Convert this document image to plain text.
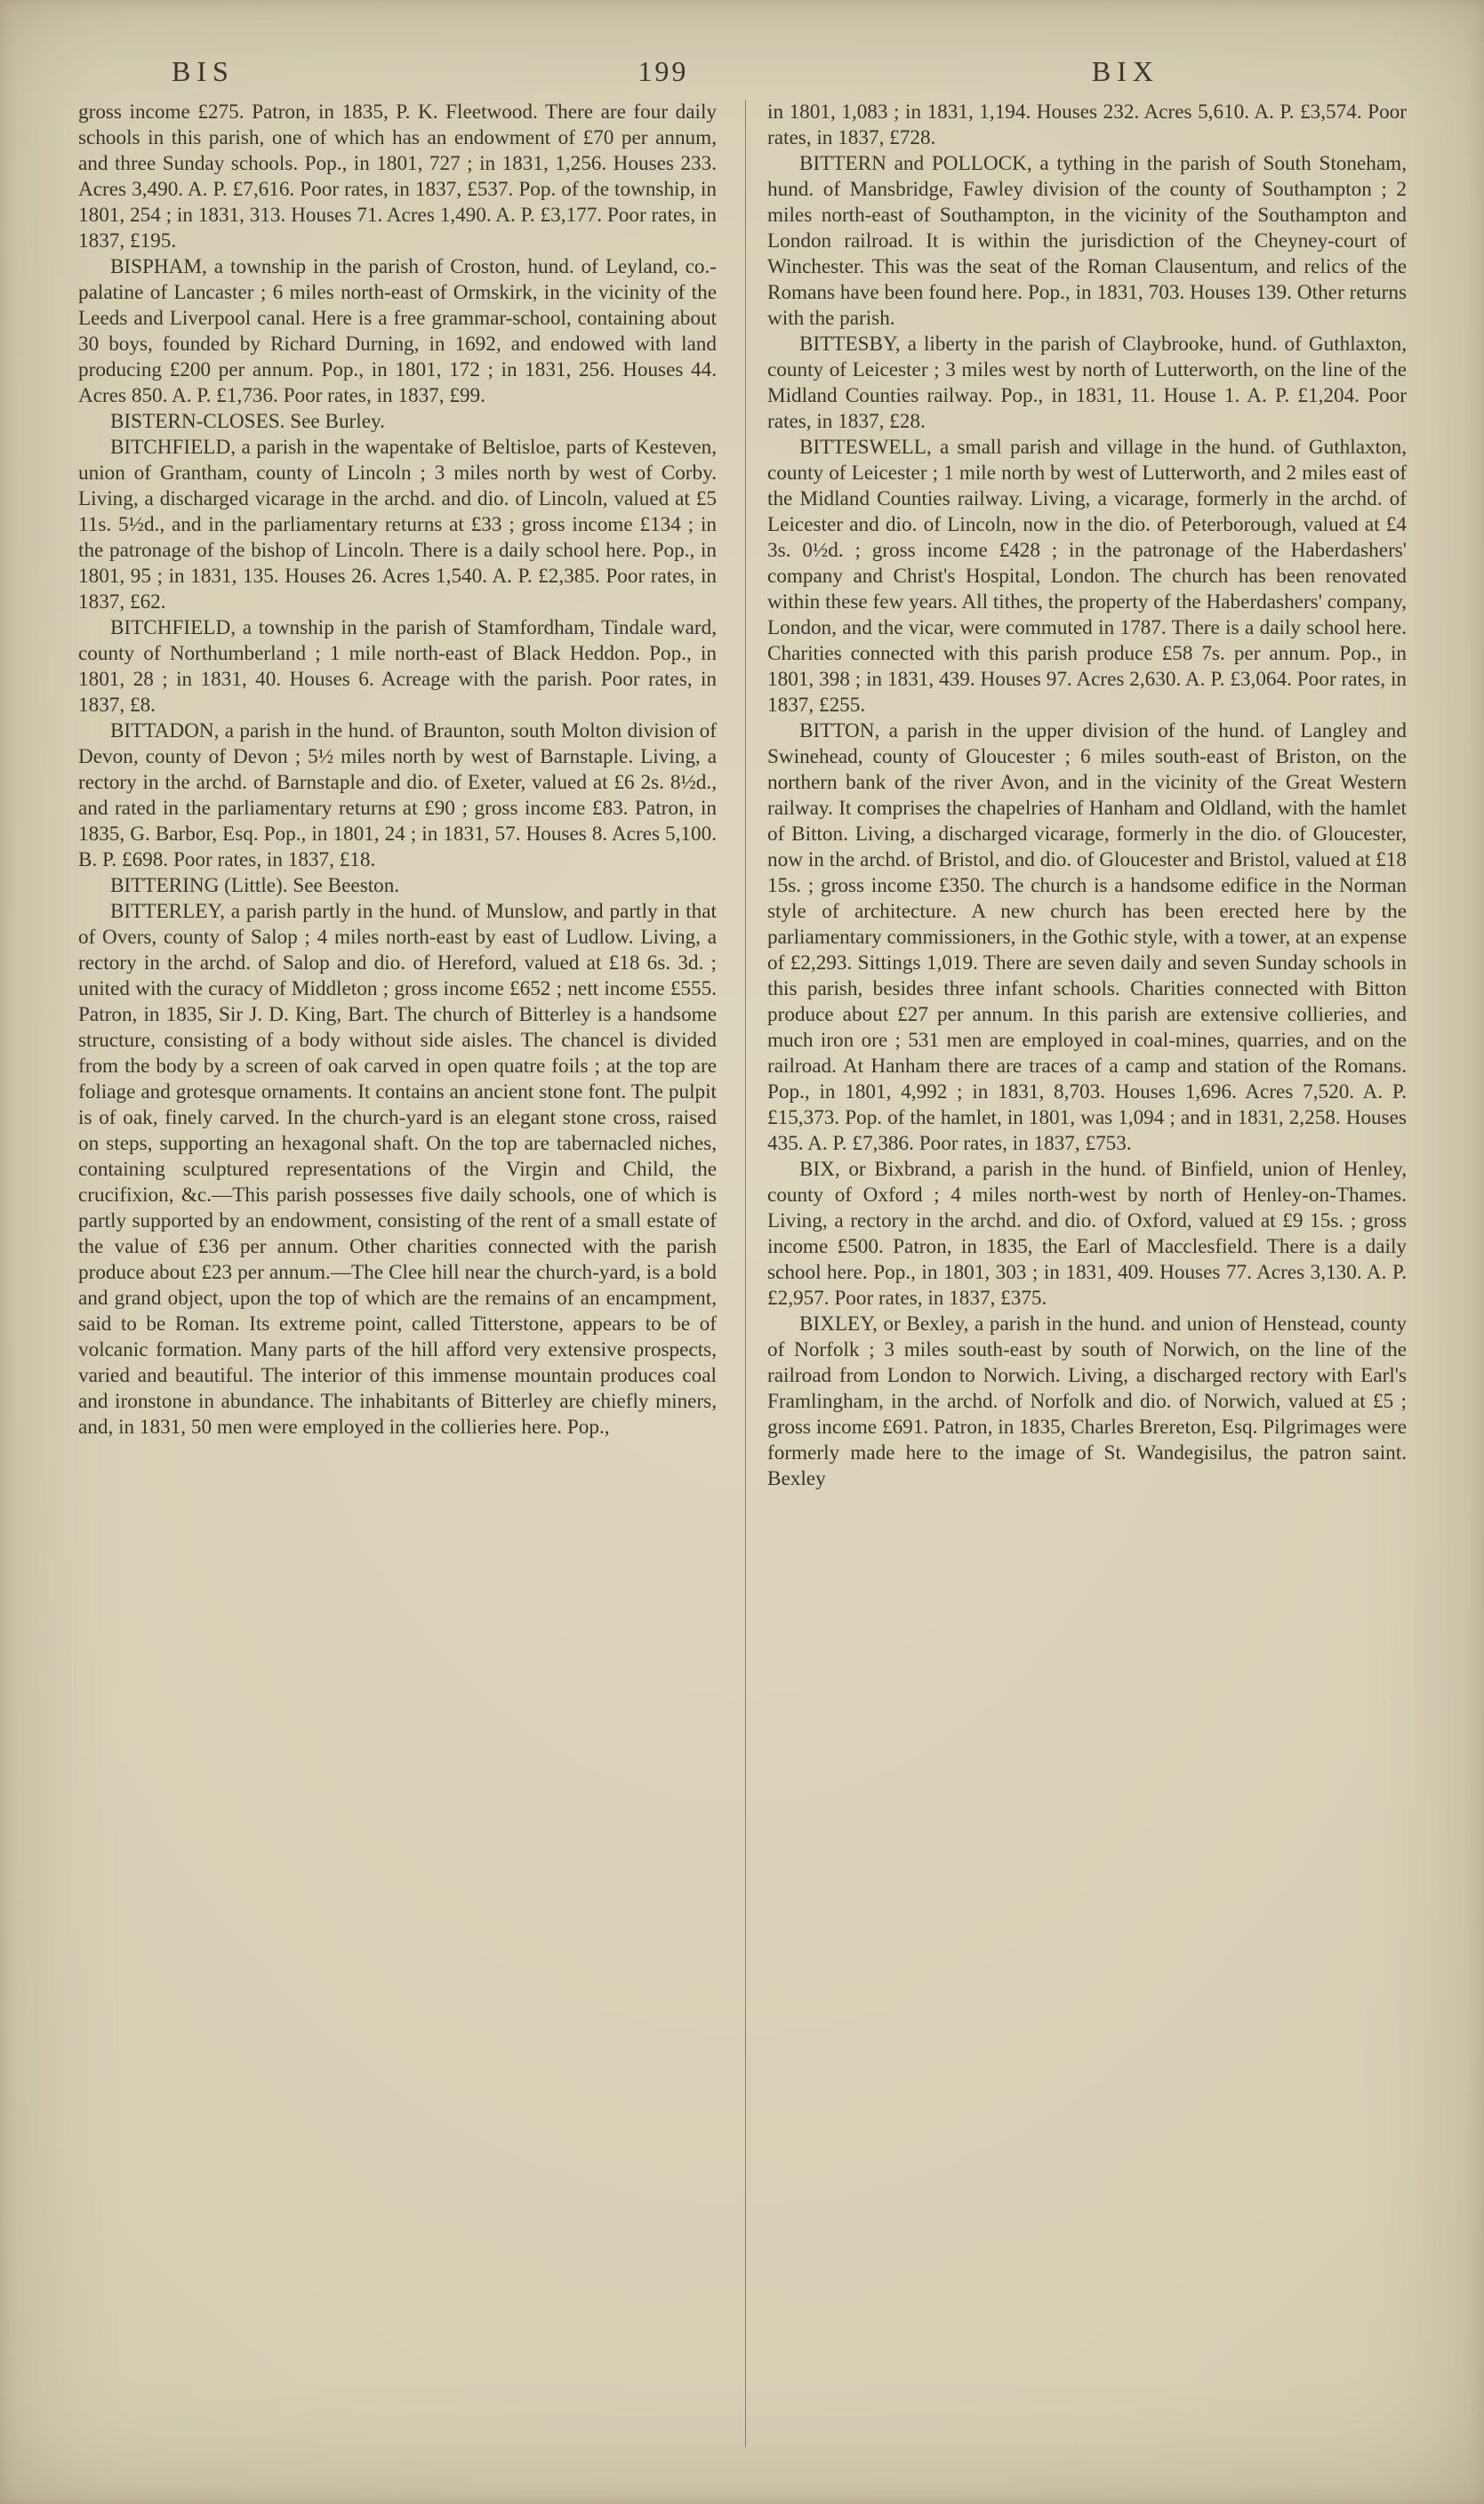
BIS	199	BIX

gross income £275. Patron, in 1835, P. K. Fleetwood. There are four daily schools in this parish, one of which has an endowment of £70 per annum, and three Sunday schools. Pop., in 1801, 727 ; in 1831, 1,256. Houses 233. Acres 3,490. A. P. £7,616. Poor rates, in 1837, £537. Pop. of the township, in 1801, 254 ; in 1831, 313. Houses 71. Acres 1,490. A. P. £3,177. Poor rates, in 1837, £195.

BISPHAM, a township in the parish of Croston, hund. of Leyland, co.-palatine of Lancaster ; 6 miles north-east of Ormskirk, in the vicinity of the Leeds and Liverpool canal. Here is a free grammar-school, containing about 30 boys, founded by Richard Durning, in 1692, and endowed with land producing £200 per annum. Pop., in 1801, 172 ; in 1831, 256. Houses 44. Acres 850. A. P. £1,736. Poor rates, in 1837, £99.

BISTERN-CLOSES. See Burley.

BITCHFIELD, a parish in the wapentake of Beltisloe, parts of Kesteven, union of Grantham, county of Lincoln ; 3 miles north by west of Corby. Living, a discharged vicarage in the archd. and dio. of Lincoln, valued at £5 11s. 5½d., and in the parliamentary returns at £33 ; gross income £134 ; in the patronage of the bishop of Lincoln. There is a daily school here. Pop., in 1801, 95 ; in 1831, 135. Houses 26. Acres 1,540. A. P. £2,385. Poor rates, in 1837, £62.

BITCHFIELD, a township in the parish of Stamfordham, Tindale ward, county of Northumberland ; 1 mile north-east of Black Heddon. Pop., in 1801, 28 ; in 1831, 40. Houses 6. Acreage with the parish. Poor rates, in 1837, £8.

BITTADON, a parish in the hund. of Braunton, south Molton division of Devon, county of Devon ; 5½ miles north by west of Barnstaple. Living, a rectory in the archd. of Barnstaple and dio. of Exeter, valued at £6 2s. 8½d., and rated in the parliamentary returns at £90 ; gross income £83. Patron, in 1835, G. Barbor, Esq. Pop., in 1801, 24 ; in 1831, 57. Houses 8. Acres 5,100. B. P. £698. Poor rates, in 1837, £18.

BITTERING (Little). See Beeston.

BITTERLEY, a parish partly in the hund. of Munslow, and partly in that of Overs, county of Salop ; 4 miles north-east by east of Ludlow. Living, a rectory in the archd. of Salop and dio. of Hereford, valued at £18 6s. 3d. ; united with the curacy of Middleton ; gross income £652 ; nett income £555. Patron, in 1835, Sir J. D. King, Bart. The church of Bitterley is a handsome structure, consisting of a body without side aisles. The chancel is divided from the body by a screen of oak carved in open quatre foils ; at the top are foliage and grotesque ornaments. It contains an ancient stone font. The pulpit is of oak, finely carved. In the church-yard is an elegant stone cross, raised on steps, supporting an hexagonal shaft. On the top are tabernacled niches, containing sculptured representations of the Virgin and Child, the crucifixion, &c.—This parish possesses five daily schools, one of which is partly supported by an endowment, consisting of the rent of a small estate of the value of £36 per annum. Other charities connected with the parish produce about £23 per annum.—The Clee hill near the church-yard, is a bold and grand object, upon the top of which are the remains of an encampment, said to be Roman. Its extreme point, called Titterstone, appears to be of volcanic formation. Many parts of the hill afford very extensive prospects, varied and beautiful. The interior of this immense mountain produces coal and ironstone in abundance. The inhabitants of Bitterley are chiefly miners, and, in 1831, 50 men were employed in the collieries here. Pop.,

in 1801, 1,083 ; in 1831, 1,194. Houses 232. Acres 5,610. A. P. £3,574. Poor rates, in 1837, £728.

BITTERN and POLLOCK, a tything in the parish of South Stoneham, hund. of Mansbridge, Fawley division of the county of Southampton ; 2 miles north-east of Southampton, in the vicinity of the Southampton and London railroad. It is within the jurisdiction of the Cheyney-court of Winchester. This was the seat of the Roman Clausentum, and relics of the Romans have been found here. Pop., in 1831, 703. Houses 139. Other returns with the parish.

BITTESBY, a liberty in the parish of Claybrooke, hund. of Guthlaxton, county of Leicester ; 3 miles west by north of Lutterworth, on the line of the Midland Counties railway. Pop., in 1831, 11. House 1. A. P. £1,204. Poor rates, in 1837, £28.

BITTESWELL, a small parish and village in the hund. of Guthlaxton, county of Leicester ; 1 mile north by west of Lutterworth, and 2 miles east of the Midland Counties railway. Living, a vicarage, formerly in the archd. of Leicester and dio. of Lincoln, now in the dio. of Peterborough, valued at £4 3s. 0½d. ; gross income £428 ; in the patronage of the Haberdashers' company and Christ's Hospital, London. The church has been renovated within these few years. All tithes, the property of the Haberdashers' company, London, and the vicar, were commuted in 1787. There is a daily school here. Charities connected with this parish produce £58 7s. per annum. Pop., in 1801, 398 ; in 1831, 439. Houses 97. Acres 2,630. A. P. £3,064. Poor rates, in 1837, £255.

BITTON, a parish in the upper division of the hund. of Langley and Swinehead, county of Gloucester ; 6 miles south-east of Briston, on the northern bank of the river Avon, and in the vicinity of the Great Western railway. It comprises the chapelries of Hanham and Oldland, with the hamlet of Bitton. Living, a discharged vicarage, formerly in the dio. of Gloucester, now in the archd. of Bristol, and dio. of Gloucester and Bristol, valued at £18 15s. ; gross income £350. The church is a handsome edifice in the Norman style of architecture. A new church has been erected here by the parliamentary commissioners, in the Gothic style, with a tower, at an expense of £2,293. Sittings 1,019. There are seven daily and seven Sunday schools in this parish, besides three infant schools. Charities connected with Bitton produce about £27 per annum. In this parish are extensive collieries, and much iron ore ; 531 men are employed in coal-mines, quarries, and on the railroad. At Hanham there are traces of a camp and station of the Romans. Pop., in 1801, 4,992 ; in 1831, 8,703. Houses 1,696. Acres 7,520. A. P. £15,373. Pop. of the hamlet, in 1801, was 1,094 ; and in 1831, 2,258. Houses 435. A. P. £7,386. Poor rates, in 1837, £753.

BIX, or Bixbrand, a parish in the hund. of Binfield, union of Henley, county of Oxford ; 4 miles north-west by north of Henley-on-Thames. Living, a rectory in the archd. and dio. of Oxford, valued at £9 15s. ; gross income £500. Patron, in 1835, the Earl of Macclesfield. There is a daily school here. Pop., in 1801, 303 ; in 1831, 409. Houses 77. Acres 3,130. A. P. £2,957. Poor rates, in 1837, £375.

BIXLEY, or Bexley, a parish in the hund. and union of Henstead, county of Norfolk ; 3 miles south-east by south of Norwich, on the line of the railroad from London to Norwich. Living, a discharged rectory with Earl's Framlingham, in the archd. of Norfolk and dio. of Norwich, valued at £5 ; gross income £691. Patron, in 1835, Charles Brereton, Esq. Pilgrimages were formerly made here to the image of St. Wandegisilus, the patron saint. Bexley
